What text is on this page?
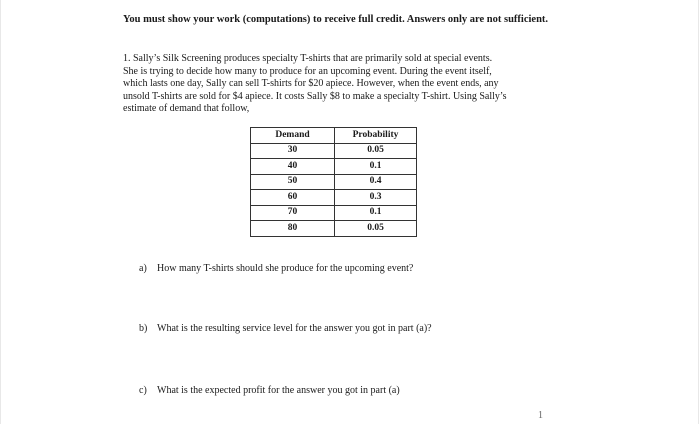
You must show your work (computations) to receive full credit. Answers only are not sufficient.

1. Sally’s Silk Screening produces specialty T-shirts that are primarily sold at special events.

She is trying to decide how many to produce for an upcoming event. During the event itself,

which lasts one day, Sally can sell T-shirts for $20 apiece. However, when the event ends, any

unsold T-shirts are sold for $4 apiece. It costs Sally $8 to make a specialty T-shirt. Using Sally’s

estimate of demand that follow,

Demand	Probability
30	0.05
40	0.1
50	0.4
60	0.3
70	0.1
80	0.05
a) How many T-shirts should she produce for the upcoming event?
b) What is the resulting service level for the answer you got in part (a)?
c) What is the expected profit for the answer you got in part (a)
1
